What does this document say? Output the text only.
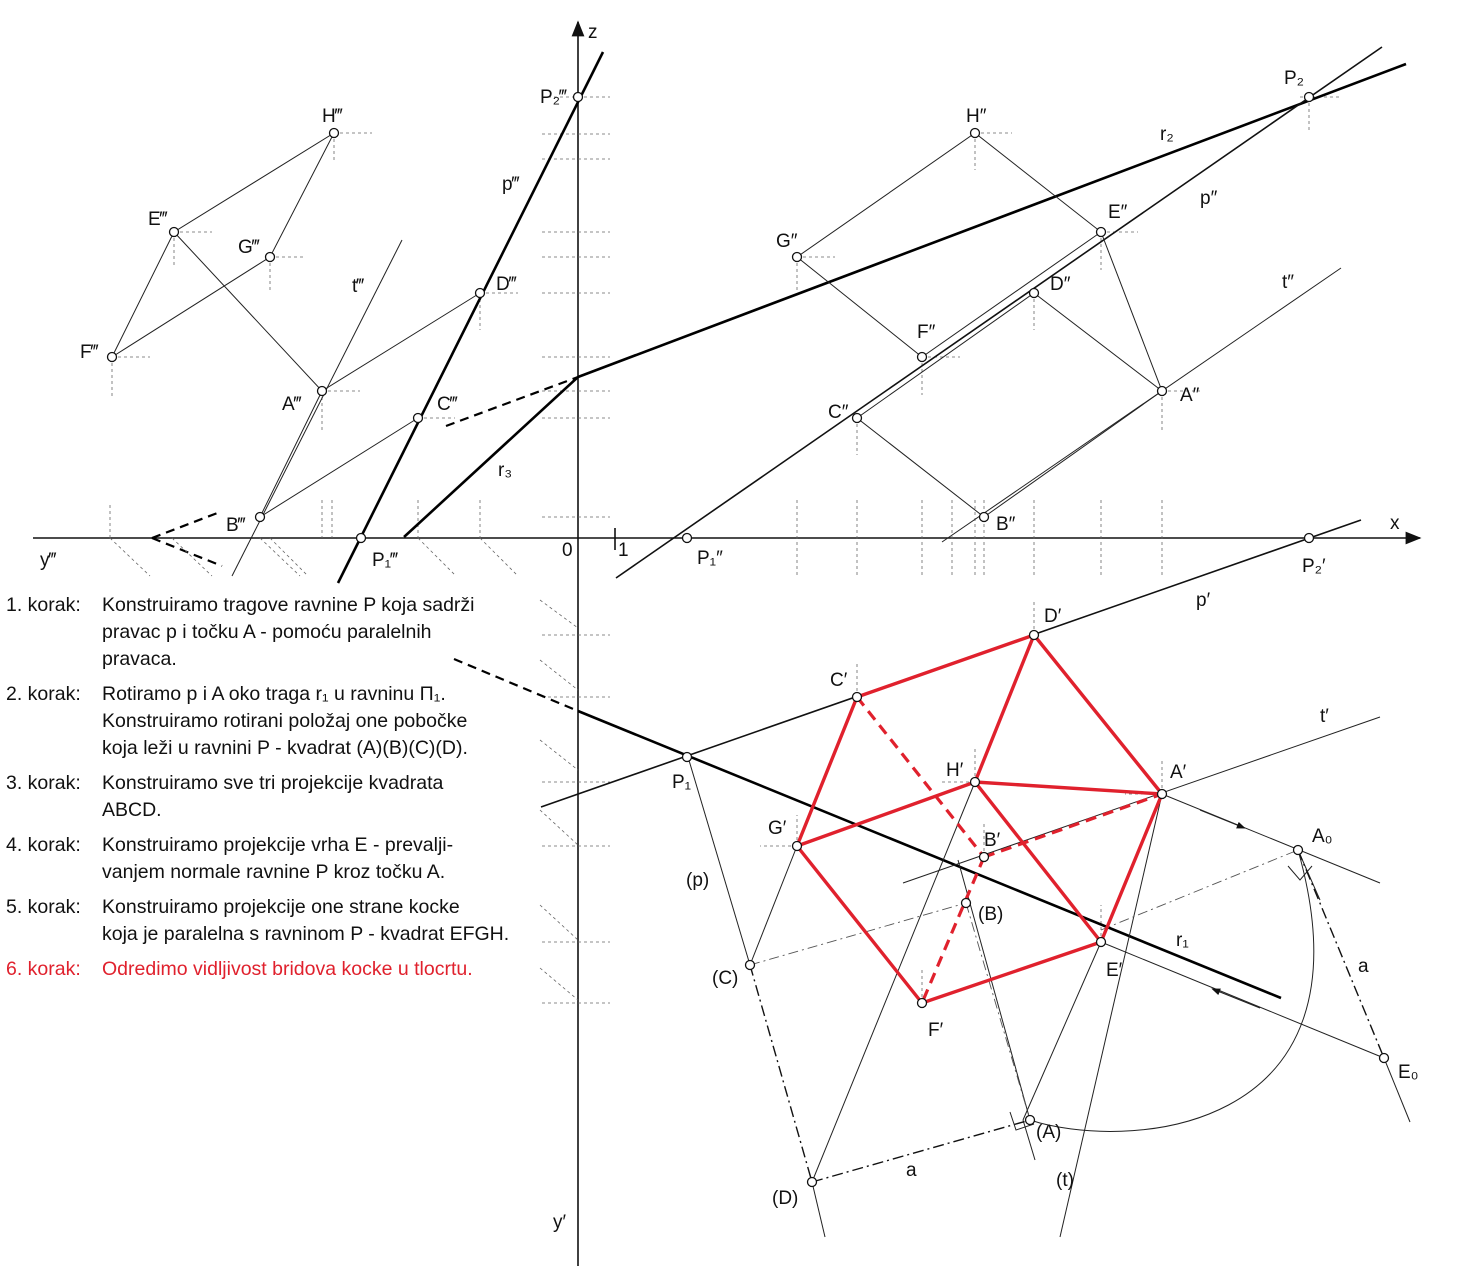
x
z
y‴
y′
0 1
H‴
E‴
G‴
F‴
A‴
B‴
C‴
D‴
P₂‴
P₁‴
p‴
t‴
r₃
H″
E″
G″
F″
A″
B″
C″
D″
P₂
P₁″	P₂′
p″
t″
r₂
A′
B′
C′
D′
E′
F′
G′
H′
P₁
p′
t′
r₁
(A)
(B)
(C)
(D)
(p)
(t)
A₀
E₀
a
a
1. korak:	Konstruiramo tragove ravnine P koja sadrži
pravac p i točku A - pomoću paralelnih
pravaca.
2. korak:	Rotiramo p i A oko traga r₁ u ravninu Π₁.
Konstruiramo rotirani položaj one pobočke
koja leži u ravnini P - kvadrat (A)(B)(C)(D).
3. korak:	Konstruiramo sve tri projekcije kvadrata
ABCD.
4. korak:	Konstruiramo projekcije vrha E - prevalji-
vanjem normale ravnine P kroz točku A.
5. korak:	Konstruiramo projekcije one strane kocke
koja je paralelna s ravninom P - kvadrat EFGH.
6. korak:	Odredimo vidljivost bridova kocke u tlocrtu.
